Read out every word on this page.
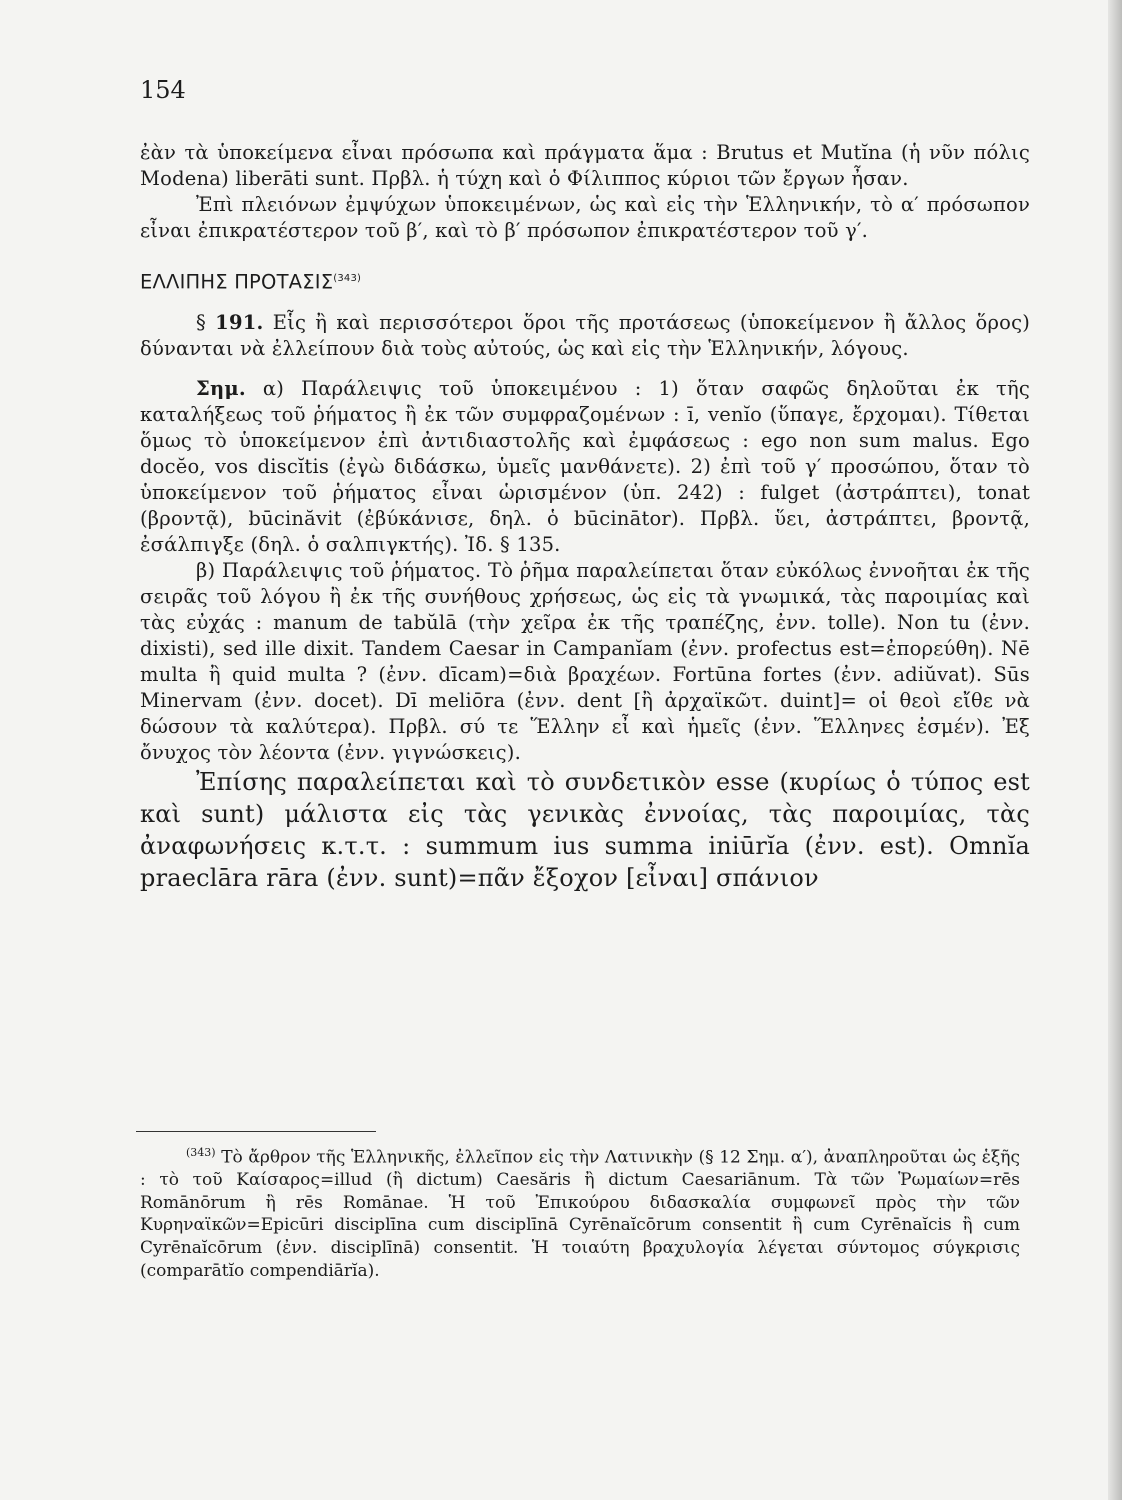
154

ἐὰν τὰ ὑποκείμενα εἶναι πρόσωπα καὶ πράγματα ἅμα : Brutus et Mutĭna (ἡ νῦν πόλις Modena) liberāti sunt. Πρβλ. ἡ τύχη καὶ ὁ Φίλιππος κύριοι τῶν ἔργων ἦσαν.

Ἐπὶ πλειόνων ἐμψύχων ὑποκειμένων, ὡς καὶ εἰς τὴν Ἑλληνικήν, τὸ α′ πρόσωπον εἶναι ἐπικρατέστερον τοῦ β′, καὶ τὸ β′ πρόσωπον ἐπικρατέστερον τοῦ γ′.

ΕΛΛΙΠΗΣ ΠΡΟΤΑΣΙΣ$^{(343)}$

§ 191. Εἷς ἢ καὶ περισσότεροι ὅροι τῆς προτάσεως (ὑποκείμενον ἢ ἄλλος ὅρος) δύνανται νὰ ἐλλείπουν διὰ τοὺς αὐτούς, ὡς καὶ εἰς τὴν Ἑλληνικήν, λόγους.

Σημ. α) Παράλειψις τοῦ ὑποκειμένου : 1) ὅταν σαφῶς δηλοῦται ἐκ τῆς καταλήξεως τοῦ ῥήματος ἢ ἐκ τῶν συμφραζομένων : ī, venĭo (ὕπαγε, ἔρχομαι). Τίθεται ὅμως τὸ ὑποκείμενον ἐπὶ ἀντιδιαστολῆς καὶ ἐμφάσεως : ego non sum malus. Ego docĕo, vos discĭtis (ἐγὼ διδάσκω, ὑμεῖς μανθάνετε). 2) ἐπὶ τοῦ γ′ προσώπου, ὅταν τὸ ὑποκείμενον τοῦ ῥήματος εἶναι ὡρισμένον (ὑπ. 242) : fulget (ἀστράπτει), tonat (βροντᾷ), būcinăvit (ἐβύκάνισε, δηλ. ὁ būcinātor). Πρβλ. ὕει, ἀστράπτει, βροντᾷ, ἐσάλπιγξε (δηλ. ὁ σαλπιγκτής). Ἰδ. § 135.

β) Παράλειψις τοῦ ῥήματος. Τὸ ῥῆμα παραλείπεται ὅταν εὐκόλως ἐννοῆται ἐκ τῆς σειρᾶς τοῦ λόγου ἢ ἐκ τῆς συνήθους χρήσεως, ὡς εἰς τὰ γνωμικά, τὰς παροιμίας καὶ τὰς εὐχάς : manum de tabŭlā (τὴν χεῖρα ἐκ τῆς τραπέζης, ἐνν. tolle). Non tu (ἐνν. dixisti), sed ille dixit. Tandem Caesar in Campanĭam (ἐνν. profectus est=ἐπορεύθη). Nē multa ἢ quid multa ? (ἐνν. dīcam)=διὰ βραχέων. Fortūna fortes (ἐνν. adiŭvat). Sūs Minervam (ἐνν. docet). Dī meliōra (ἐνν. dent [ἢ ἀρχαϊκῶτ. duint]= οἱ θεοὶ εἴθε νὰ δώσουν τὰ καλύτερα). Πρβλ. σύ τε Ἕλλην εἶ καὶ ἡμεῖς (ἐνν. Ἕλληνες ἐσμέν). Ἐξ ὄνυχος τὸν λέοντα (ἐνν. γιγνώσκεις).

Ἐπίσης παραλείπεται καὶ τὸ συνδετικὸν esse (κυρίως ὁ τύπος est καὶ sunt) μάλιστα εἰς τὰς γενικὰς ἐννοίας, τὰς παροιμίας, τὰς ἀναφωνήσεις κ.τ.τ. : summum ius summa iniūrĭa (ἐνν. est). Omnĭa praeclāra rāra (ἐνν. sunt)=πᾶν ἔξοχον [εἶναι] σπάνιον

$^{(343)}$ Τὸ ἄρθρον τῆς Ἑλληνικῆς, ἐλλεῖπον εἰς τὴν Λατινικὴν (§ 12 Σημ. α′), ἀναπληροῦται ὡς ἑξῆς : τὸ τοῦ Καίσαρος=illud (ἢ dictum) Caesăris ἢ dictum Caesariānum. Τὰ τῶν Ῥωμαίων=rēs Romānōrum ἢ rēs Romānae. Ἡ τοῦ Ἐπικούρου διδασκαλία συμφωνεῖ πρὸς τὴν τῶν Κυρηναϊκῶν=Epicūri disciplīna cum disciplīnā Cyrēnaĭcōrum consentit ἢ cum Cyrēnaĭcis ἢ cum Cyrēnaĭcōrum (ἐνν. disciplīnā) consentit. Ἡ τοιαύτη βραχυλογία λέγεται σύντομος σύγκρισις (comparātĭo compendiārĭa).
